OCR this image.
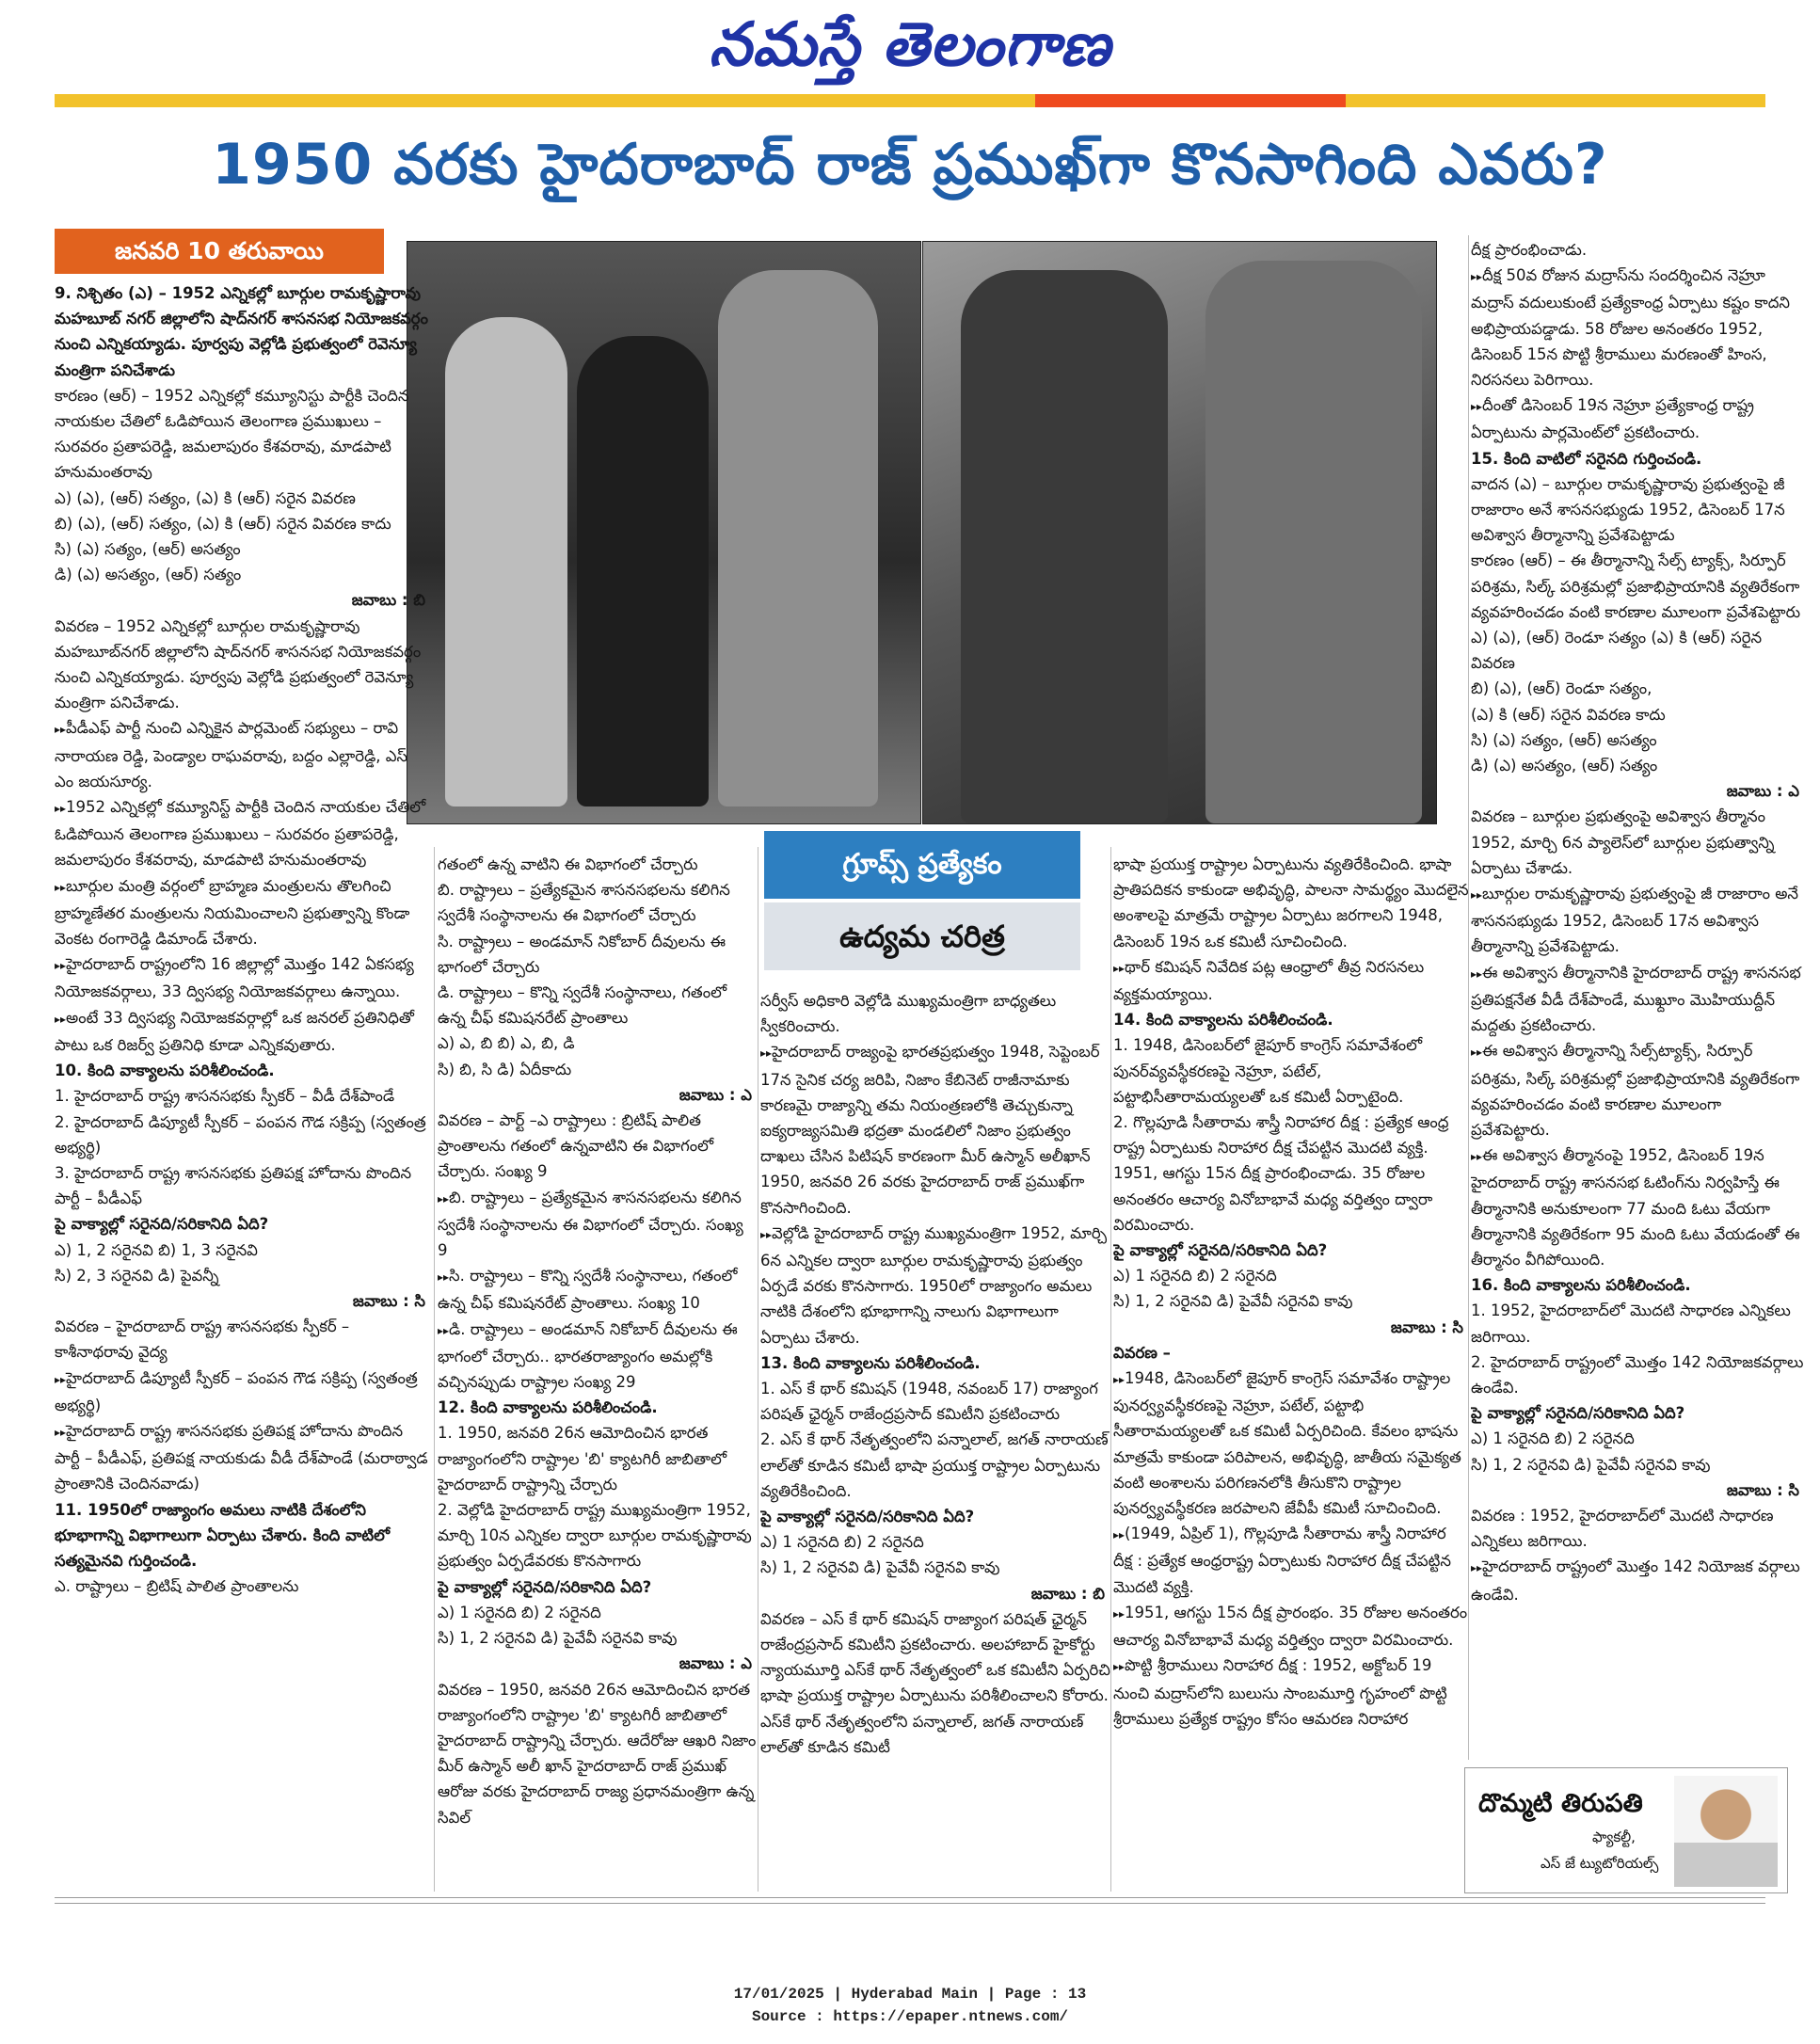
నమస్తే తెలంగాణ
1950 వరకు హైదరాబాద్ రాజ్ ప్రముఖ్‌గా కొనసాగింది ఎవరు?
జనవరి 10 తరువాయి
గ్రూప్స్ ప్రత్యేకం
ఉద్యమ చరిత్ర

9. నిశ్చితం (ఎ) – 1952 ఎన్నికల్లో బూర్గుల రామకృష్ణారావు మహబూబ్ నగర్ జిల్లాలోని షాద్‌నగర్ శాసనసభ నియోజకవర్గం నుంచి ఎన్నికయ్యాడు. పూర్వపు వెల్లోడి ప్రభుత్వంలో రెవెన్యూ మంత్రిగా పనిచేశాడు

కారణం (ఆర్) – 1952 ఎన్నికల్లో కమ్యూనిస్టు పార్టీకి చెందిన నాయకుల చేతిలో ఓడిపోయిన తెలంగాణ ప్రముఖులు – సురవరం ప్రతాపరెడ్డి, జమలాపురం కేశవరావు, మాడపాటి హనుమంతరావు

ఎ) (ఎ), (ఆర్) సత్యం, (ఎ) కి (ఆర్) సరైన వివరణ

బి) (ఎ), (ఆర్) సత్యం, (ఎ) కి (ఆర్) సరైన వివరణ కాదు

సి) (ఎ) సత్యం, (ఆర్) అసత్యం

డి) (ఎ) అసత్యం, (ఆర్) సత్యం

జవాబు : బి

వివరణ – 1952 ఎన్నికల్లో బూర్గుల రామకృష్ణారావు మహబూబ్‌నగర్ జిల్లాలోని షాద్‌నగర్ శాసనసభ నియోజకవర్గం నుంచి ఎన్నికయ్యాడు. పూర్వపు వెల్లోడి ప్రభుత్వంలో రెవెన్యూ మంత్రిగా పనిచేశాడు.

▸▸ పీడీఎఫ్ పార్టీ నుంచి ఎన్నికైన పార్లమెంట్ సభ్యులు – రావి నారాయణ రెడ్డి, పెండ్యాల రాఘవరావు, బద్దం ఎల్లారెడ్డి, ఎస్ ఎం జయసూర్య.

▸▸ 1952 ఎన్నికల్లో కమ్యూనిస్ట్ పార్టీకి చెందిన నాయకుల చేతిలో ఓడిపోయిన తెలంగాణ ప్రముఖులు – సురవరం ప్రతాపరెడ్డి, జమలాపురం కేశవరావు, మాడపాటి హనుమంతరావు

▸▸ బూర్గుల మంత్రి వర్గంలో బ్రాహ్మణ మంత్రులను తొలగించి బ్రాహ్మణేతర మంత్రులను నియమించాలని ప్రభుత్వాన్ని కొండా వెంకట రంగారెడ్డి డిమాండ్ చేశారు.

▸▸ హైదరాబాద్ రాష్ట్రంలోని 16 జిల్లాల్లో మొత్తం 142 ఏకసభ్య నియోజకవర్గాలు, 33 ద్విసభ్య నియోజకవర్గాలు ఉన్నాయి.

▸▸ అంటే 33 ద్విసభ్య నియోజకవర్గాల్లో ఒక జనరల్ ప్రతినిధితో పాటు ఒక రిజర్వ్ ప్రతినిధి కూడా ఎన్నికవుతారు.

10. కింది వాక్యాలను పరిశీలించండి.

1. హైదరాబాద్ రాష్ట్ర శాసనసభకు స్పీకర్ – వీడీ దేశ్‌పాండే

2. హైదరాబాద్ డిప్యూటీ స్పీకర్ – పంపన గౌడ సక్రిప్ప (స్వతంత్ర అభ్యర్థి)

3. హైదరాబాద్ రాష్ట్ర శాసనసభకు ప్రతిపక్ష హోదాను పొందిన పార్టీ – పీడీఎఫ్

పై వాక్యాల్లో సరైనది/సరికానిది ఏది?

ఎ) 1, 2 సరైనవి బి) 1, 3 సరైనవి

సి) 2, 3 సరైనవి డి) పైవన్నీ

జవాబు : సి

వివరణ – హైదరాబాద్ రాష్ట్ర శాసనసభకు స్పీకర్ – కాశీనాథరావు వైద్య

▸▸ హైదరాబాద్ డిప్యూటీ స్పీకర్ – పంపన గౌడ సక్రిప్ప (స్వతంత్ర అభ్యర్థి)

▸▸ హైదరాబాద్ రాష్ట్ర శాసనసభకు ప్రతిపక్ష హోదాను పొందిన పార్టీ – పీడీఎఫ్, ప్రతిపక్ష నాయకుడు వీడీ దేశ్‌పాండే (మరాఠ్వాడ ప్రాంతానికి చెందినవాడు)

11. 1950లో రాజ్యాంగం అమలు నాటికి దేశంలోని భూభాగాన్ని విభాగాలుగా ఏర్పాటు చేశారు. కింది వాటిలో సత్యమైనవి గుర్తించండి.

ఎ. రాష్ట్రాలు – బ్రిటిష్ పాలిత ప్రాంతాలను

గతంలో ఉన్న వాటిని ఈ విభాగంలో చేర్చారు

బి. రాష్ట్రాలు – ప్రత్యేకమైన శాసనసభలను కలిగిన స్వదేశీ సంస్థానాలను ఈ విభాగంలో చేర్చారు

సి. రాష్ట్రాలు – అండమాన్ నికోబార్ దీవులను ఈ భాగంలో చేర్చారు

డి. రాష్ట్రాలు – కొన్ని స్వదేశీ సంస్థానాలు, గతంలో ఉన్న చీఫ్ కమిషనరేట్ ప్రాంతాలు

ఎ) ఎ, బి బి) ఎ, బి, డి

సి) బి, సి డి) ఏదీకాదు

జవాబు : ఎ

వివరణ – పార్ట్ –ఎ రాష్ట్రాలు : బ్రిటిష్ పాలిత ప్రాంతాలను గతంలో ఉన్నవాటిని ఈ విభాగంలో చేర్చారు. సంఖ్య 9

▸▸ బి. రాష్ట్రాలు – ప్రత్యేకమైన శాసనసభలను కలిగిన స్వదేశీ సంస్థానాలను ఈ విభాగంలో చేర్చారు. సంఖ్య 9

▸▸ సి. రాష్ట్రాలు – కొన్ని స్వదేశీ సంస్థానాలు, గతంలో ఉన్న చీఫ్ కమిషనరేట్ ప్రాంతాలు. సంఖ్య 10

▸▸ డి. రాష్ట్రాలు – అండమాన్ నికోబార్ దీవులను ఈ భాగంలో చేర్చారు.. భారతరాజ్యాంగం అమల్లోకి వచ్చినప్పుడు రాష్ట్రాల సంఖ్య 29

12. కింది వాక్యాలను పరిశీలించండి.

1. 1950, జనవరి 26న ఆమోదించిన భారత రాజ్యాంగంలోని రాష్ట్రాల 'బి' క్యాటగిరీ జాబితాలో హైదరాబాద్ రాష్ట్రాన్ని చేర్చారు

2. వెల్లోడి హైదరాబాద్ రాష్ట్ర ముఖ్యమంత్రిగా 1952, మార్చి 10న ఎన్నికల ద్వారా బూర్గుల రామకృష్ణారావు ప్రభుత్వం ఏర్పడేవరకు కొనసాగారు

పై వాక్యాల్లో సరైనది/సరికానిది ఏది?

ఎ) 1 సరైనది బి) 2 సరైనది

సి) 1, 2 సరైనవి డి) పైవేవీ సరైనవి కావు

జవాబు : ఎ

వివరణ – 1950, జనవరి 26న ఆమోదించిన భారత రాజ్యాంగంలోని రాష్ట్రాల 'బి' క్యాటగిరీ జాబితాలో హైదరాబాద్ రాష్ట్రాన్ని చేర్చారు. ఆదేరోజు ఆఖరి నిజాం మీర్ ఉస్మాన్ అలీ ఖాన్ హైదరాబాద్ రాజ్ ప్రముఖ్ ఆరోజు వరకు హైదరాబాద్ రాజ్య ప్రధానమంత్రిగా ఉన్న సివిల్

సర్వీస్ అధికారి వెల్లోడి ముఖ్యమంత్రిగా బాధ్యతలు స్వీకరించారు.

▸▸ హైదరాబాద్ రాజ్యంపై భారతప్రభుత్వం 1948, సెప్టెంబర్ 17న సైనిక చర్య జరిపి, నిజాం కేబినెట్ రాజీనామాకు కారణమై రాజ్యాన్ని తమ నియంత్రణలోకి తెచ్చుకున్నా ఐక్యరాజ్యసమితి భద్రతా మండలిలో నిజాం ప్రభుత్వం దాఖలు చేసిన పిటిషన్ కారణంగా మీర్ ఉస్మాన్ అలీఖాన్ 1950, జనవరి 26 వరకు హైదరాబాద్ రాజ్ ప్రముఖ్‌గా కొనసాగించింది.

▸▸ వెల్లోడి హైదరాబాద్ రాష్ట్ర ముఖ్యమంత్రిగా 1952, మార్చి 6న ఎన్నికల ద్వారా బూర్గుల రామకృష్ణారావు ప్రభుత్వం ఏర్పడే వరకు కొనసాగారు. 1950లో రాజ్యాంగం అమలు నాటికి దేశంలోని భూభాగాన్ని నాలుగు విభాగాలుగా ఏర్పాటు చేశారు.

13. కింది వాక్యాలను పరిశీలించండి.

1. ఎస్ కే థార్ కమిషన్ (1948, నవంబర్ 17) రాజ్యాంగ పరిషత్ ఛైర్మన్ రాజేంద్రప్రసాద్ కమిటీని ప్రకటించారు

2. ఎస్ కే థార్ నేతృత్వంలోని పన్నాలాల్, జగత్ నారాయణ్ లాల్‌తో కూడిన కమిటీ భాషా ప్రయుక్త రాష్ట్రాల ఏర్పాటును వ్యతిరేకించింది.

పై వాక్యాల్లో సరైనది/సరికానిది ఏది?

ఎ) 1 సరైనది బి) 2 సరైనది

సి) 1, 2 సరైనవి డి) పైవేవీ సరైనవి కావు

జవాబు : బి

వివరణ – ఎస్ కే థార్ కమిషన్ రాజ్యాంగ పరిషత్ ఛైర్మన్ రాజేంద్రప్రసాద్ కమిటీని ప్రకటించారు. అలహాబాద్ హైకోర్టు న్యాయమూర్తి ఎస్‌కే థార్ నేతృత్వంలో ఒక కమిటీని ఏర్పరిచి భాషా ప్రయుక్త రాష్ట్రాల ఏర్పాటును పరిశీలించాలని కోరారు. ఎస్‌కే థార్ నేతృత్వంలోని పన్నాలాల్, జగత్ నారాయణ్ లాల్‌తో కూడిన కమిటీ

భాషా ప్రయుక్త రాష్ట్రాల ఏర్పాటును వ్యతిరేకించింది. భాషా ప్రాతిపదికన కాకుండా అభివృద్ధి, పాలనా సామర్థ్యం మొదలైన అంశాలపై మాత్రమే రాష్ట్రాల ఏర్పాటు జరగాలని 1948, డిసెంబర్ 19న ఒక కమిటీ సూచించింది.

▸▸ థార్ కమిషన్ నివేదిక పట్ల ఆంధ్రాలో తీవ్ర నిరసనలు వ్యక్తమయ్యాయి.

14. కింది వాక్యాలను పరిశీలించండి.

1. 1948, డిసెంబర్‌లో జైపూర్ కాంగ్రెస్ సమావేశంలో పునర్‌వ్యవస్థీకరణపై నెహ్రూ, పటేల్, పట్టాభిసీతారామయ్యలతో ఒక కమిటీ ఏర్పాటైంది.

2. గొల్లపూడి సీతారామ శాస్త్రీ నిరాహార దీక్ష : ప్రత్యేక ఆంధ్ర రాష్ట్ర ఏర్పాటుకు నిరాహార దీక్ష చేపట్టిన మొదటి వ్యక్తి. 1951, ఆగస్టు 15న దీక్ష ప్రారంభించాడు. 35 రోజుల అనంతరం ఆచార్య వినోబాభావే మధ్య వర్తిత్వం ద్వారా విరమించారు.

పై వాక్యాల్లో సరైనది/సరికానిది ఏది?

ఎ) 1 సరైనది బి) 2 సరైనది

సి) 1, 2 సరైనవి డి) పైవేవీ సరైనవి కావు

జవాబు : సి

వివరణ –

▸▸ 1948, డిసెంబర్‌లో జైపూర్ కాంగ్రెస్ సమావేశం రాష్ట్రాల పునర్వ్యవస్థీకరణపై నెహ్రూ, పటేల్, పట్టాభి సీతారామయ్యలతో ఒక కమిటీ ఏర్పరిచింది. కేవలం భాషను మాత్రమే కాకుండా పరిపాలన, అభివృద్ధి, జాతీయ సమైక్యత వంటి అంశాలను పరిగణనలోకి తీసుకొని రాష్ట్రాల పునర్వ్యవస్థీకరణ జరపాలని జేవీపీ కమిటీ సూచించింది.

▸▸ (1949, ఏప్రిల్ 1), గొల్లపూడి సీతారామ శాస్త్రీ నిరాహార దీక్ష : ప్రత్యేక ఆంధ్రరాష్ట్ర ఏర్పాటుకు నిరాహార దీక్ష చేపట్టిన మొదటి వ్యక్తి.

▸▸ 1951, ఆగస్టు 15న దీక్ష ప్రారంభం. 35 రోజుల అనంతరం ఆచార్య వినోబాభావే మధ్య వర్తిత్వం ద్వారా విరమించారు.

▸▸ పొట్టి శ్రీరాములు నిరాహార దీక్ష : 1952, అక్టోబర్ 19 నుంచి మద్రాస్‌లోని బులుసు సాంబమూర్తి గృహంలో పొట్టి శ్రీరాములు ప్రత్యేక రాష్ట్రం కోసం ఆమరణ నిరాహార

దీక్ష ప్రారంభించాడు.

▸▸ దీక్ష 50వ రోజున మద్రాస్‌ను సందర్శించిన నెహ్రూ మద్రాస్ వదులుకుంటే ప్రత్యేకాంధ్ర ఏర్పాటు కష్టం కాదని అభిప్రాయపడ్డాడు. 58 రోజుల అనంతరం 1952, డిసెంబర్ 15న పొట్టి శ్రీరాములు మరణంతో హింస, నిరసనలు పెరిగాయి.

▸▸ దీంతో డిసెంబర్ 19న నెహ్రూ ప్రత్యేకాంధ్ర రాష్ట్ర ఏర్పాటును పార్లమెంట్‌లో ప్రకటించారు.

15. కింది వాటిలో సరైనది గుర్తించండి.

వాదన (ఎ) – బూర్గుల రామకృష్ణారావు ప్రభుత్వంపై జీ రాజారాం అనే శాసనసభ్యుడు 1952, డిసెంబర్ 17న అవిశ్వాస తీర్మానాన్ని ప్రవేశపెట్టాడు

కారణం (ఆర్) – ఈ తీర్మానాన్ని సేల్స్ ట్యాక్స్, సిర్పూర్ పరిశ్రమ, సిల్క్ పరిశ్రమల్లో ప్రజాభిప్రాయానికి వ్యతిరేకంగా వ్యవహరించడం వంటి కారణాల మూలంగా ప్రవేశపెట్టారు

ఎ) (ఎ), (ఆర్) రెండూ సత్యం (ఎ) కి (ఆర్) సరైన వివరణ

బి) (ఎ), (ఆర్) రెండూ సత్యం,

(ఎ) కి (ఆర్) సరైన వివరణ కాదు

సి) (ఎ) సత్యం, (ఆర్) అసత్యం

డి) (ఎ) అసత్యం, (ఆర్) సత్యం

జవాబు : ఎ

వివరణ – బూర్గుల ప్రభుత్వంపై అవిశ్వాస తీర్మానం 1952, మార్చి 6న ప్యాలెస్‌లో బూర్గుల ప్రభుత్వాన్ని ఏర్పాటు చేశాడు.

▸▸ బూర్గుల రామకృష్ణారావు ప్రభుత్వంపై జీ రాజారాం అనే శాసనసభ్యుడు 1952, డిసెంబర్ 17న అవిశ్వాస తీర్మానాన్ని ప్రవేశపెట్టాడు.

▸▸ ఈ అవిశ్వాస తీర్మానానికి హైదరాబాద్ రాష్ట్ర శాసనసభ ప్రతిపక్షనేత వీడీ దేశ్‌పాండే, ముఖ్దూం మొహియుద్దీన్ మద్దతు ప్రకటించారు.

▸▸ ఈ అవిశ్వాస తీర్మానాన్ని సేల్స్‌ట్యాక్స్, సిర్పూర్ పరిశ్రమ, సిల్క్ పరిశ్రమల్లో ప్రజాభిప్రాయానికి వ్యతిరేకంగా వ్యవహరించడం వంటి కారణాల మూలంగా ప్రవేశపెట్టారు.

▸▸ ఈ అవిశ్వాస తీర్మానంపై 1952, డిసెంబర్ 19న హైదరాబాద్ రాష్ట్ర శాసనసభ ఓటింగ్‌ను నిర్వహిస్తే ఈ తీర్మానానికి అనుకూలంగా 77 మంది ఓటు వేయగా తీర్మానానికి వ్యతిరేకంగా 95 మంది ఓటు వేయడంతో ఈ తీర్మానం వీగిపోయింది.

16. కింది వాక్యాలను పరిశీలించండి.

1. 1952, హైదరాబాద్‌లో మొదటి సాధారణ ఎన్నికలు జరిగాయి.

2. హైదరాబాద్ రాష్ట్రంలో మొత్తం 142 నియోజకవర్గాలు ఉండేవి.

పై వాక్యాల్లో సరైనది/సరికానిది ఏది?

ఎ) 1 సరైనది బి) 2 సరైనది

సి) 1, 2 సరైనవి డి) పైవేవీ సరైనవి కావు

జవాబు : సి

వివరణ : 1952, హైదరాబాద్‌లో మొదటి సాధారణ ఎన్నికలు జరిగాయి.

▸▸ హైదరాబాద్ రాష్ట్రంలో మొత్తం 142 నియోజక వర్గాలు ఉండేవి.

దొమ్మటి తిరుపతి
ఫ్యాకల్టీ,
ఎస్ జే ట్యుటోరియల్స్
17/01/2025 | Hyderabad Main | Page : 13
Source : https://epaper.ntnews.com/
